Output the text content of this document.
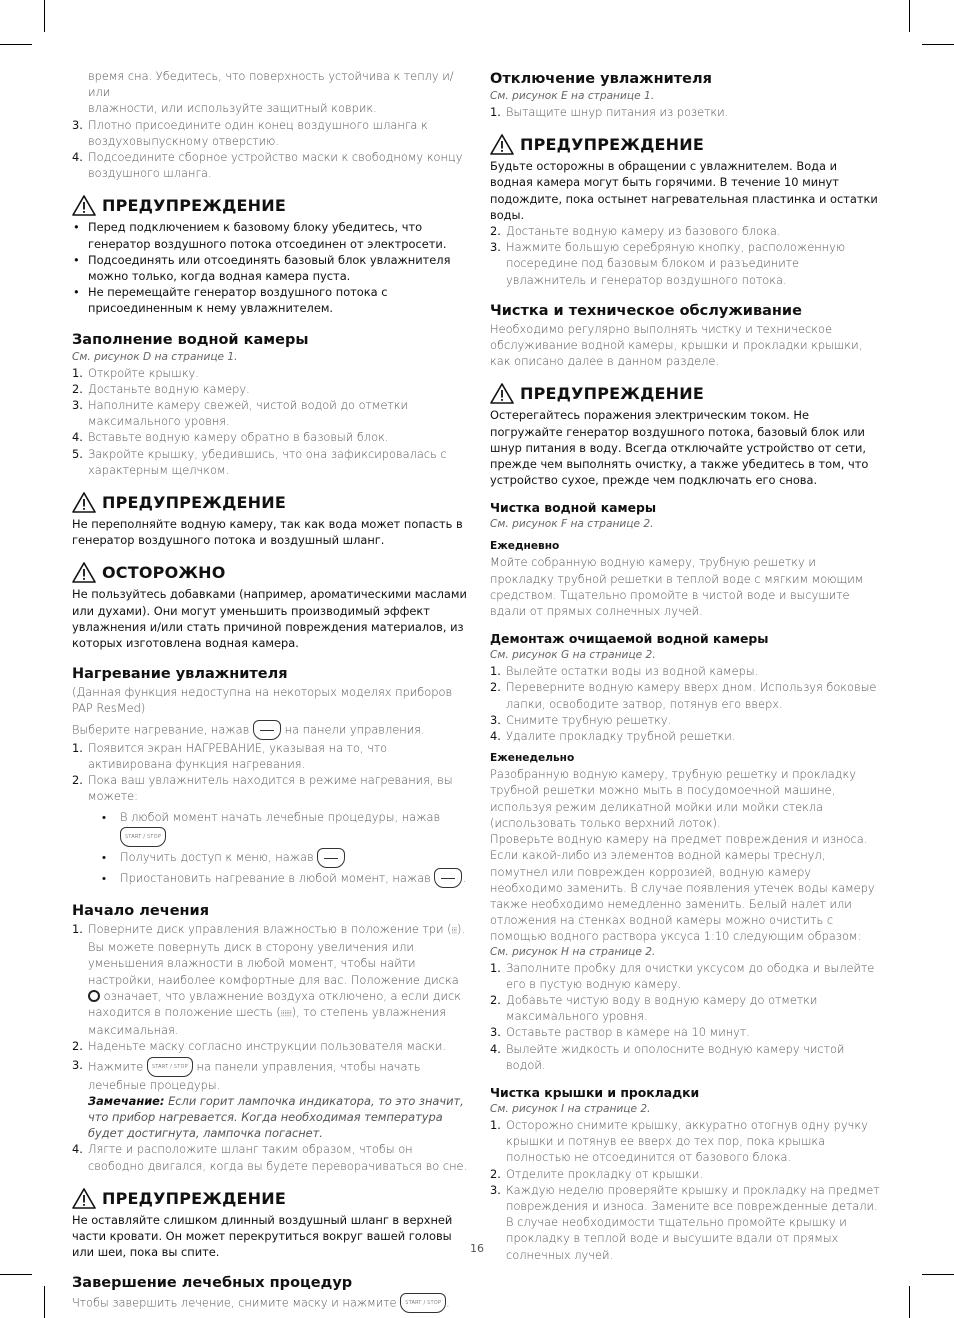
время сна. Убедитесь, что поверхность устойчива к теплу и/или

влажности, или используйте защитный коврик.

3. Плотно присоедините один конец воздушного шланга к воздуховыпускному отверстию.
4. Подсоедините сборное устройство маски к свободному концу воздушного шланга.
ПРЕДУПРЕЖДЕНИЕ
• Перед подключением к базовому блоку убедитесь, что генератор воздушного потока отсоединен от электросети.
• Подсоединять или отсоединять базовый блок увлажнителя можно только, когда водная камера пуста.
• Не перемещайте генератор воздушного потока с присоединенным к нему увлажнителем.
Заполнение водной камеры

См. рисунок D на странице 1.

1. Откройте крышку.
2. Достаньте водную камеру.
3. Наполните камеру свежей, чистой водой до отметки максимального уровня.
4. Вставьте водную камеру обратно в базовый блок.
5. Закройте крышку, убедившись, что она зафиксировалась с характерным щелчком.
ПРЕДУПРЕЖДЕНИЕ

Не переполняйте водную камеру, так как вода может попасть в генератор воздушного потока и воздушный шланг.

ОСТОРОЖНО

Не пользуйтесь добавками (например, ароматическими маслами или духами). Они могут уменьшить производимый эффект увлажнения и/или стать причиной повреждения материалов, из которых изготовлена водная камера.

Нагревание увлажнителя

(Данная функция недоступна на некоторых моделях приборов PAP ResMed)

Выберите нагревание, нажав	на панели управления.

1. Появится экран НАГРЕВАНИЕ, указывая на то, что активирована функция нагревания.
2. Пока ваш увлажнитель находится в режиме нагревания, вы можете:
• В любой момент начать лечебные процедуры, нажав START / STOP
• Получить доступ к меню, нажав
• Приостановить нагревание в любой момент, нажав	.
Начало лечения
1. Поверните диск управления влажностью в положение три (⦙⦙⦙).
Вы можете повернуть диск в сторону увеличения или уменьшения влажности в любой момент, чтобы найти настройки, наиболее комфортные для вас. Положение диска  означает, что увлажнение воздуха отключено, а если диск находится в положение шесть (⦙⦙⦙⦙⦙⦙), то степень увлажнения максимальная.
2. Наденьте маску согласно инструкции пользователя маски.
3. Нажмите START / STOP на панели управления, чтобы начать лечебные процедуры.
Замечание: Если горит лампочка индикатора, то это значит, что прибор нагревается. Когда необходимая температура будет достигнута, лампочка погаснет.
4. Лягте и расположите шланг таким образом, чтобы он свободно двигался, когда вы будете переворачиваться во сне.
ПРЕДУПРЕЖДЕНИЕ

Не оставляйте слишком длинный воздушный шланг в верхней части кровати. Он может перекрутиться вокруг вашей головы или шеи, пока вы спите.

Завершение лечебных процедур

Чтобы завершить лечение, снимите маску и нажмите START / STOP .

Отключение увлажнителя

См. рисунок E на странице 1.

1. Вытащите шнур питания из розетки.
ПРЕДУПРЕЖДЕНИЕ

Будьте осторожны в обращении с увлажнителем. Вода и водная камера могут быть горячими. В течение 10 минут подождите, пока остынет нагревательная пластинка и остатки воды.

2. Достаньте водную камеру из базового блока.
3. Нажмите большую серебряную кнопку, расположенную посередине под базовым блоком и разъедините увлажнитель и генератор воздушного потока.
Чистка и техническое обслуживание

Необходимо регулярно выполнять чистку и техническое обслуживание водной камеры, крышки и прокладки крышки, как описано далее в данном разделе.

ПРЕДУПРЕЖДЕНИЕ

Остерегайтесь поражения электрическим током. Не погружайте генератор воздушного потока, базовый блок или шнур питания в воду. Всегда отключайте устройство от сети, прежде чем выполнять очистку, а также убедитесь в том, что устройство сухое, прежде чем подключать его снова.

Чистка водной камеры

См. рисунок F на странице 2.

Ежедневно

Мойте собранную водную камеру, трубную решетку и прокладку трубной решетки в теплой воде с мягким моющим средством. Тщательно промойте в чистой воде и высушите вдали от прямых солнечных лучей.

Демонтаж очищаемой водной камеры

См. рисунок G на странице 2.

1. Вылейте остатки воды из водной камеры.
2. Переверните водную камеру вверх дном. Используя боковые лапки, освободите затвор, потянув его вверх.
3. Снимите трубную решетку.
4. Удалите прокладку трубной решетки.
Еженедельно

Разобранную водную камеру, трубную решетку и прокладку трубной решетки можно мыть в посудомоечной машине, используя режим деликатной мойки или мойки стекла (использовать только верхний лоток).

Проверьте водную камеру на предмет повреждения и износа. Если какой-либо из элементов водной камеры треснул, помутнел или поврежден коррозией, водную камеру необходимо заменить. В случае появления утечек воды камеру также необходимо немедленно заменить. Белый налет или отложения на стенках водной камеры можно очистить с помощью водного раствора уксуса 1:10 следующим образом:

См. рисунок H на странице 2.

1. Заполните пробку для очистки уксусом до ободка и вылейте его в пустую водную камеру.
2. Добавьте чистую воду в водную камеру до отметки максимального уровня.
3. Оставьте раствор в камере на 10 минут.
4. Вылейте жидкость и ополосните водную камеру чистой водой.
Чистка крышки и прокладки

См. рисунок I на странице 2.

1. Осторожно снимите крышку, аккуратно отогнув одну ручку крышки и потянув ее вверх до тех пор, пока крышка полностью не отсоединится от базового блока.
2. Отделите прокладку от крышки.
3. Каждую неделю проверяйте крышку и прокладку на предмет повреждения и износа. Замените все поврежденные детали. В случае необходимости тщательно промойте крышку и прокладку в теплой воде и высушите вдали от прямых солнечных лучей.
16
